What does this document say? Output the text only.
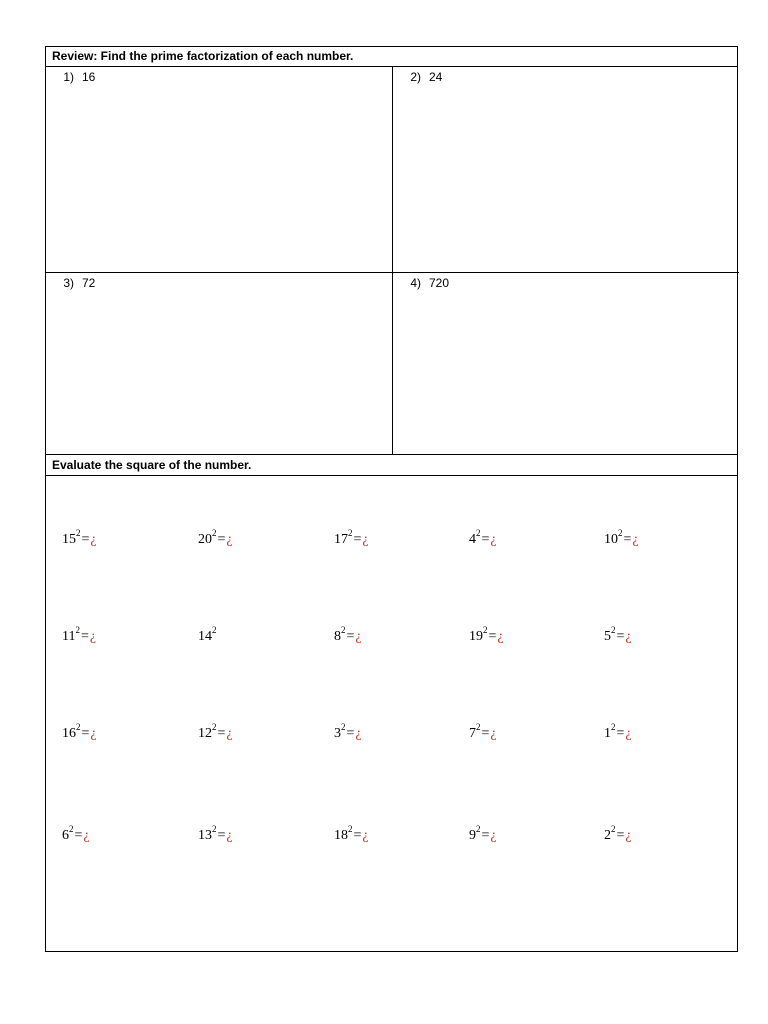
Review: Find the prime factorization of each number.
1) 16	2) 24
3) 72	4) 720
Evaluate the square of the number.
$15^2=¿$	$20^2=¿$	$17^2=¿$	$4^2=¿$	$10^2=¿$
$11^2=¿$	$14^2$	$8^2=¿$	$19^2=¿$	$5^2=¿$
$16^2=¿$	$12^2=¿$	$3^2=¿$	$7^2=¿$	$1^2=¿$
$6^2=¿$	$13^2=¿$	$18^2=¿$	$9^2=¿$	$2^2=¿$
